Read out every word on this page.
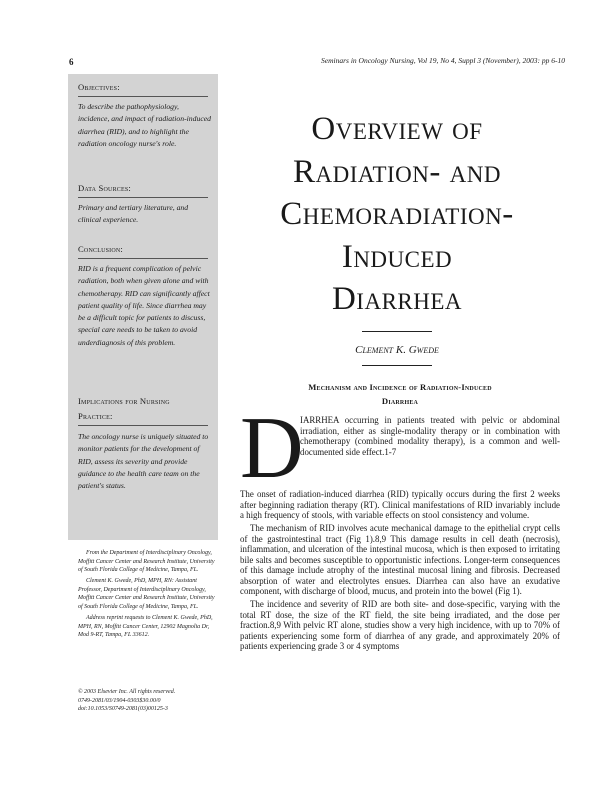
6	Seminars in Oncology Nursing, Vol 19, No 4, Suppl 3 (November), 2003: pp 6-10
Objectives:
To describe the pathophysiology, incidence, and impact of radiation-induced diarrhea (RID), and to highlight the radiation oncology nurse's role.
Data Sources:
Primary and tertiary literature, and clinical experience.
Conclusion:
RID is a frequent complication of pelvic radiation, both when given alone and with chemotherapy. RID can significantly affect patient quality of life. Since diarrhea may be a difficult topic for patients to discuss, special care needs to be taken to avoid underdiagnosis of this problem.
Implications for Nursing
Practice:
The oncology nurse is uniquely situated to monitor patients for the development of RID, assess its severity and provide guidance to the health care team on the patient's status.

From the Department of Interdisciplinary Oncology, Moffitt Cancer Center and Research Institute, University of South Florida College of Medicine, Tampa, FL.

Clement K. Gwede, PhD, MPH, RN: Assistant Professor, Department of Interdisciplinary Oncology, Moffitt Cancer Center and Research Institute, University of South Florida College of Medicine, Tampa, FL.

Address reprint requests to Clement K. Gwede, PhD, MPH, RN, Moffitt Cancer Center, 12902 Magnolia Dr, Mod 9-RT, Tampa, FL 33612.

© 2003 Elsevier Inc. All rights reserved.
0749-2081/03/1904-0303$30.00/0
doi:10.1053/S0749-2081(03)00125-3
Overview of
Radiation- and
Chemoradiation-
Induced
Diarrhea
Clement K. Gwede
Mechanism and Incidence of Radiation-Induced
Diarrhea
D
IARRHEA occurring in patients treated with pelvic or abdominal irradiation, either as single-modality therapy or in combination with chemotherapy (combined modality therapy), is a common and well-documented side effect.1-7

The onset of radiation-induced diarrhea (RID) typically occurs during the first 2 weeks after beginning radiation therapy (RT). Clinical manifestations of RID invariably include a high frequency of stools, with variable effects on stool consistency and volume.

The mechanism of RID involves acute mechanical damage to the epithelial crypt cells of the gastrointestinal tract (Fig 1).8,9 This damage results in cell death (necrosis), inflammation, and ulceration of the intestinal mucosa, which is then exposed to irritating bile salts and becomes susceptible to opportunistic infections. Longer-term consequences of this damage include atrophy of the intestinal mucosal lining and fibrosis. Decreased absorption of water and electrolytes ensues. Diarrhea can also have an exudative component, with discharge of blood, mucus, and protein into the bowel (Fig 1).

The incidence and severity of RID are both site- and dose-specific, varying with the total RT dose, the size of the RT field, the site being irradiated, and the dose per fraction.8,9 With pelvic RT alone, studies show a very high incidence, with up to 70% of patients experiencing some form of diarrhea of any grade, and approximately 20% of patients experiencing grade 3 or 4 symptoms
